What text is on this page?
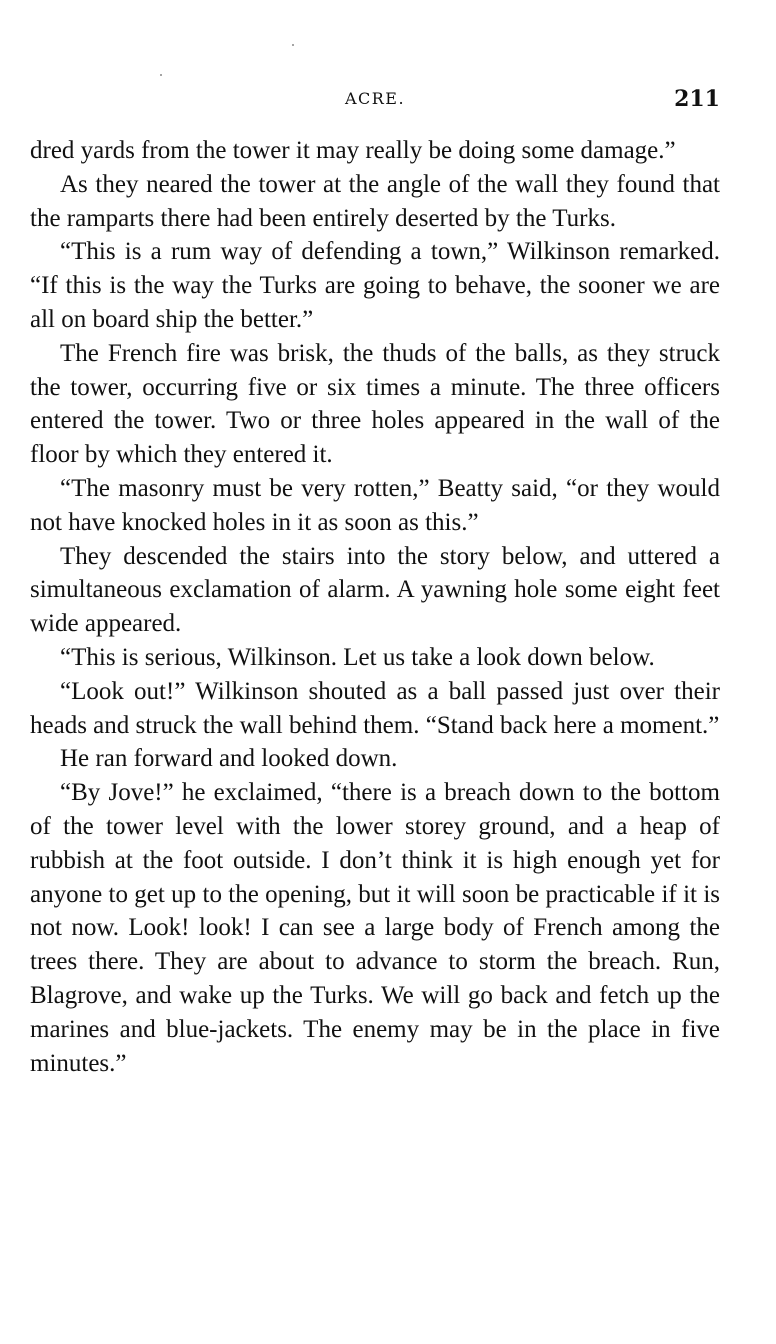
ACRE.	211

dred yards from the tower it may really be doing some damage.”

As they neared the tower at the angle of the wall they found that the ramparts there had been entirely deserted by the Turks.

“This is a rum way of defending a town,” Wilkinson remarked. “If this is the way the Turks are going to behave, the sooner we are all on board ship the better.”

The French fire was brisk, the thuds of the balls, as they struck the tower, occurring five or six times a minute. The three officers entered the tower. Two or three holes appeared in the wall of the floor by which they entered it.

“The masonry must be very rotten,” Beatty said, “or they would not have knocked holes in it as soon as this.”

They descended the stairs into the story below, and uttered a simultaneous exclamation of alarm. A yawning hole some eight feet wide appeared.

“This is serious, Wilkinson. Let us take a look down below.

“Look out!” Wilkinson shouted as a ball passed just over their heads and struck the wall behind them. “Stand back here a moment.”

He ran forward and looked down.

“By Jove!” he exclaimed, “there is a breach down to the bottom of the tower level with the lower storey ground, and a heap of rubbish at the foot outside. I don’t think it is high enough yet for anyone to get up to the opening, but it will soon be practicable if it is not now. Look! look! I can see a large body of French among the trees there. They are about to advance to storm the breach. Run, Blagrove, and wake up the Turks. We will go back and fetch up the marines and blue-jackets. The enemy may be in the place in five minutes.”
